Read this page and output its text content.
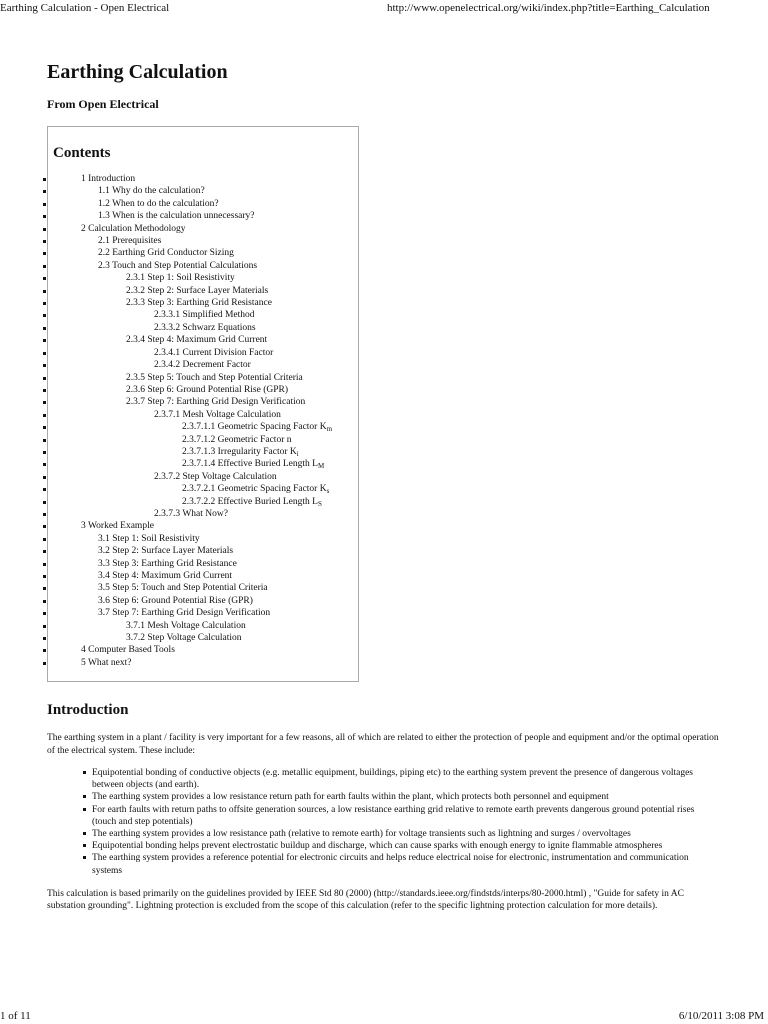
Earthing Calculation - Open Electrical	http://www.openelectrical.org/wiki/index.php?title=Earthing_Calculation
Earthing Calculation
From Open Electrical
Contents
1 Introduction
1.1 Why do the calculation?
1.2 When to do the calculation?
1.3 When is the calculation unnecessary?
2 Calculation Methodology
2.1 Prerequisites
2.2 Earthing Grid Conductor Sizing
2.3 Touch and Step Potential Calculations
2.3.1 Step 1: Soil Resistivity
2.3.2 Step 2: Surface Layer Materials
2.3.3 Step 3: Earthing Grid Resistance
2.3.3.1 Simplified Method
2.3.3.2 Schwarz Equations
2.3.4 Step 4: Maximum Grid Current
2.3.4.1 Current Division Factor
2.3.4.2 Decrement Factor
2.3.5 Step 5: Touch and Step Potential Criteria
2.3.6 Step 6: Ground Potential Rise (GPR)
2.3.7 Step 7: Earthing Grid Design Verification
2.3.7.1 Mesh Voltage Calculation
2.3.7.1.1 Geometric Spacing Factor $K_m$
2.3.7.1.2 Geometric Factor n
2.3.7.1.3 Irregularity Factor $K_i$
2.3.7.1.4 Effective Buried Length $L_M$
2.3.7.2 Step Voltage Calculation
2.3.7.2.1 Geometric Spacing Factor $K_s$
2.3.7.2.2 Effective Buried Length $L_S$
2.3.7.3 What Now?
3 Worked Example
3.1 Step 1: Soil Resistivity
3.2 Step 2: Surface Layer Materials
3.3 Step 3: Earthing Grid Resistance
3.4 Step 4: Maximum Grid Current
3.5 Step 5: Touch and Step Potential Criteria
3.6 Step 6: Ground Potential Rise (GPR)
3.7 Step 7: Earthing Grid Design Verification
3.7.1 Mesh Voltage Calculation
3.7.2 Step Voltage Calculation
4 Computer Based Tools
5 What next?
Introduction

The earthing system in a plant / facility is very important for a few reasons, all of which are related to either the protection of people and equipment and/or the optimal operation of the electrical system. These include:

Equipotential bonding of conductive objects (e.g. metallic equipment, buildings, piping etc) to the earthing system prevent the presence of dangerous voltages between objects (and earth).
The earthing system provides a low resistance return path for earth faults within the plant, which protects both personnel and equipment
For earth faults with return paths to offsite generation sources, a low resistance earthing grid relative to remote earth prevents dangerous ground potential rises (touch and step potentials)
The earthing system provides a low resistance path (relative to remote earth) for voltage transients such as lightning and surges / overvoltages
Equipotential bonding helps prevent electrostatic buildup and discharge, which can cause sparks with enough energy to ignite flammable atmospheres
The earthing system provides a reference potential for electronic circuits and helps reduce electrical noise for electronic, instrumentation and communication systems

This calculation is based primarily on the guidelines provided by IEEE Std 80 (2000) (http://standards.ieee.org/findstds/interps/80-2000.html) , "Guide for safety in AC substation grounding". Lightning protection is excluded from the scope of this calculation (refer to the specific lightning protection calculation for more details).

1 of 11	6/10/2011 3:08 PM
